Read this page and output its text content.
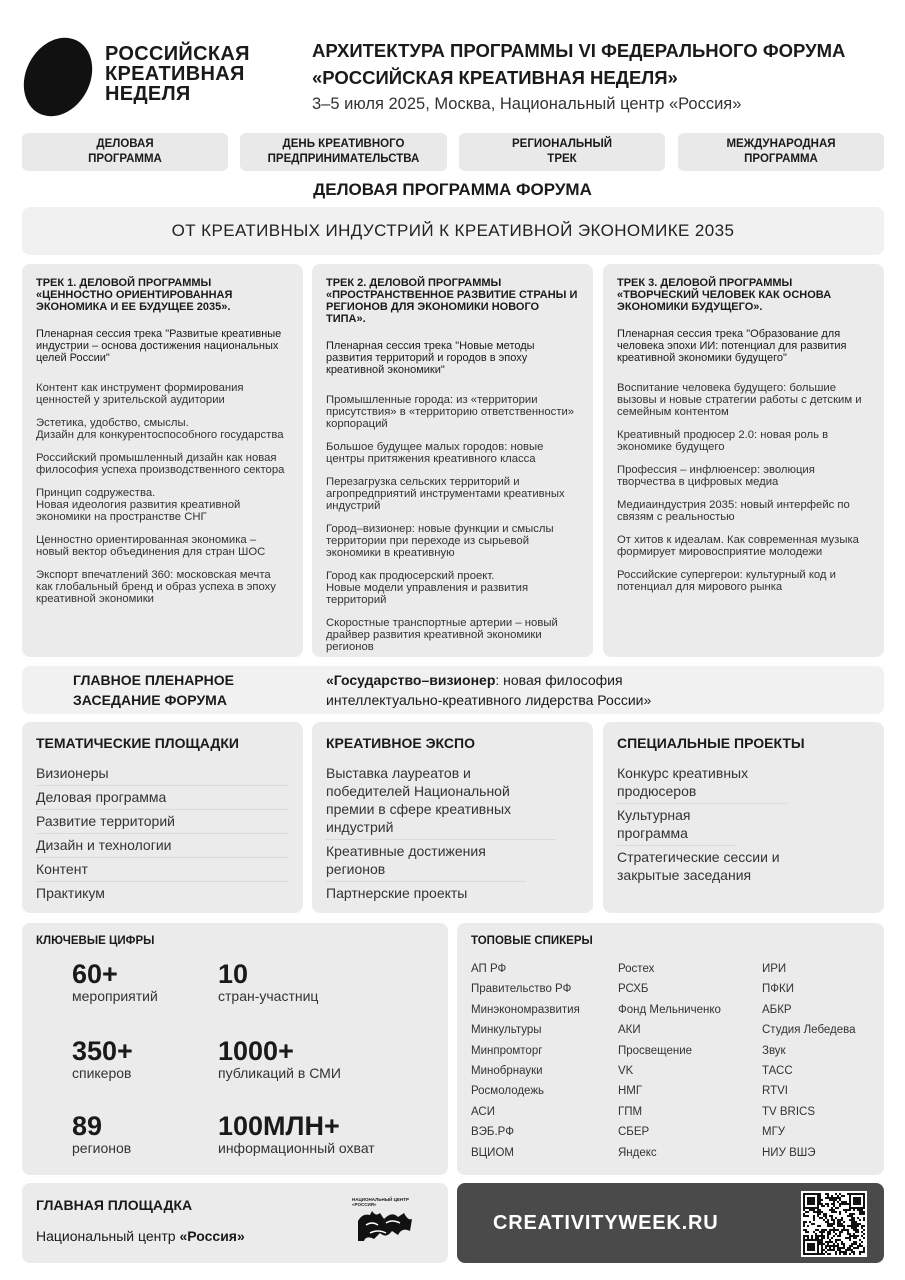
РОССИЙСКАЯ
КРЕАТИВНАЯ
НЕДЕЛЯ
АРХИТЕКТУРА ПРОГРАММЫ VI ФЕДЕРАЛЬНОГО ФОРУМА «РОССИЙСКАЯ КРЕАТИВНАЯ НЕДЕЛЯ»
3–5 июля 2025, Москва, Национальный центр «Россия»
ДЕЛОВАЯ
ПРОГРАММА
ДЕНЬ КРЕАТИВНОГО
ПРЕДПРИНИМАТЕЛЬСТВА
РЕГИОНАЛЬНЫЙ
ТРЕК
МЕЖДУНАРОДНАЯ
ПРОГРАММА
ДЕЛОВАЯ ПРОГРАММА ФОРУМА
ОТ КРЕАТИВНЫХ ИНДУСТРИЙ К КРЕАТИВНОЙ ЭКОНОМИКЕ 2035
ТРЕК 1. ДЕЛОВОЙ ПРОГРАММЫ «ЦЕННОСТНО ОРИЕНТИРОВАННАЯ ЭКОНОМИКА И ЕЕ БУДУЩЕЕ 2035».
Пленарная сессия трека "Развитые креативные индустрии – основа достижения национальных целей России"
Контент как инструмент формирования ценностей у зрительской аудитории
Эстетика, удобство, смыслы.
Дизайн для конкурентоспособного государства
Российский промышленный дизайн как новая философия успеха производственного сектора
Принцип содружества.
Новая идеология развития креативной экономики на пространстве СНГ
Ценностно ориентированная экономика – новый вектор объединения для стран ШОС
Экспорт впечатлений 360: московская мечта как глобальный бренд и образ успеха в эпоху креативной экономики
ТРЕК 2. ДЕЛОВОЙ ПРОГРАММЫ «ПРОСТРАНСТВЕННОЕ РАЗВИТИЕ СТРАНЫ И РЕГИОНОВ ДЛЯ ЭКОНОМИКИ НОВОГО ТИПА».
Пленарная сессия трека "Новые методы развития территорий и городов в эпоху креативной экономики"
Промышленные города: из «территории присутствия» в «территорию ответственности» корпораций
Большое будущее малых городов: новые центры притяжения креативного класса
Перезагрузка сельских территорий и агропредприятий инструментами креативных индустрий
Город–визионер: новые функции и смыслы территории при переходе из сырьевой экономики в креативную
Город как продюсерский проект.
Новые модели управления и развития территорий
Скоростные транспортные артерии – новый драйвер развития креативной экономики регионов
ТРЕК 3. ДЕЛОВОЙ ПРОГРАММЫ «ТВОРЧЕСКИЙ ЧЕЛОВЕК КАК ОСНОВА ЭКОНОМИКИ БУДУЩЕГО».
Пленарная сессия трека "Образование для человека эпохи ИИ: потенциал для развития креативной экономики будущего"
Воспитание человека будущего: большие вызовы и новые стратегии работы с детским и семейным контентом
Креативный продюсер 2.0: новая роль в экономике будущего
Профессия – инфлюенсер: эволюция творчества в цифровых медиа
Медиаиндустрия 2035: новый интерфейс по связям с реальностью
От хитов к идеалам. Как современная музыка формирует мировосприятие молодежи
Российские супергерои: культурный код и потенциал для мирового рынка
ГЛАВНОЕ ПЛЕНАРНОЕ
ЗАСЕДАНИЕ ФОРУМА
«Государство–визионер: новая философия
интеллектуально-креативного лидерства России»
ТЕМАТИЧЕСКИЕ ПЛОЩАДКИ
Визионеры
Деловая программа
Развитие территорий
Дизайн и технологии
Контент
Практикум
КРЕАТИВНОЕ ЭКСПО
Выставка лауреатов и победителей Национальной премии в сфере креативных индустрий
Креативные достижения регионов
Партнерские проекты
СПЕЦИАЛЬНЫЕ ПРОЕКТЫ
Конкурс креативных продюсеров
Культурная программа
Стратегические сессии и закрытые заседания
КЛЮЧЕВЫЕ ЦИФРЫ
60+
мероприятий
10
стран-участниц
350+
спикеров
1000+
публикаций в СМИ
89
регионов
100МЛН+
информационный охват
ТОПОВЫЕ СПИКЕРЫ
АП РФ
Правительство РФ
Минэкономразвития
Минкультуры
Минпромторг
Минобрнауки
Росмолодежь
АСИ
ВЭБ.РФ
ВЦИОМ
Ростех
РСХБ
Фонд Мельниченко
АКИ
Просвещение
VK
НМГ
ГПМ
СБЕР
Яндекс
ИРИ
ПФКИ
АБКР
Студия Лебедева
Звук
ТАСС
RTVI
TV BRICS
МГУ
НИУ ВШЭ
ГЛАВНАЯ ПЛОЩАДКА
Национальный центр «Россия»
НАЦИОНАЛЬНЫЙ ЦЕНТР
«РОССИЯ»
CREATIVITYWEEK.RU
